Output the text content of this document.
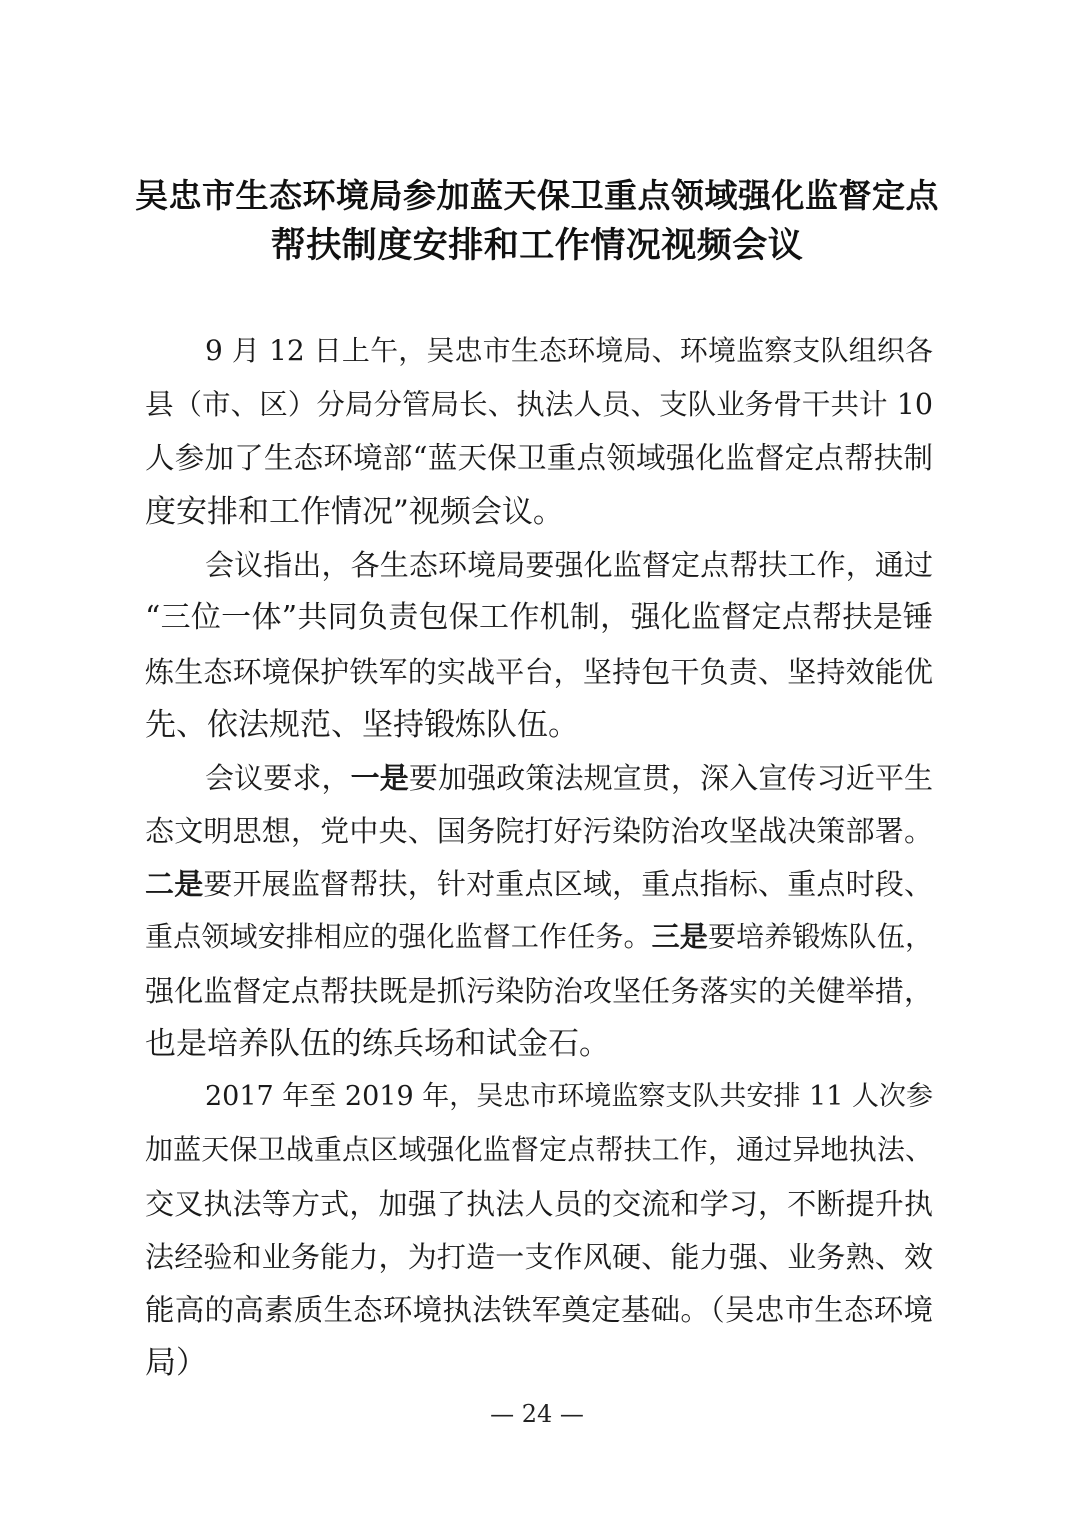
吴忠市生态环境局参加蓝天保卫重点领域强化监督定点
帮扶制度安排和工作情况视频会议
9 月 12 日上午，吴忠市生态环境局、环境监察支队组织各
县（市、区）分局分管局长、执法人员、支队业务骨干共计 10
人参加了生态环境部“蓝天保卫重点领域强化监督定点帮扶制
度安排和工作情况”视频会议。
会议指出，各生态环境局要强化监督定点帮扶工作，通过
“三位一体”共同负责包保工作机制，强化监督定点帮扶是锤
炼生态环境保护铁军的实战平台，坚持包干负责、坚持效能优
先、依法规范、坚持锻炼队伍。
会议要求，一是要加强政策法规宣贯，深入宣传习近平生
态文明思想，党中央、国务院打好污染防治攻坚战决策部署。
二是要开展监督帮扶，针对重点区域，重点指标、重点时段、
重点领域安排相应的强化监督工作任务。三是要培养锻炼队伍，
强化监督定点帮扶既是抓污染防治攻坚任务落实的关健举措，
也是培养队伍的练兵场和试金石。
2017 年至 2019 年，吴忠市环境监察支队共安排 11 人次参
加蓝天保卫战重点区域强化监督定点帮扶工作，通过异地执法、
交叉执法等方式，加强了执法人员的交流和学习，不断提升执
法经验和业务能力，为打造一支作风硬、能力强、业务熟、效
能高的高素质生态环境执法铁军奠定基础。（吴忠市生态环境
局）
— 24 —
